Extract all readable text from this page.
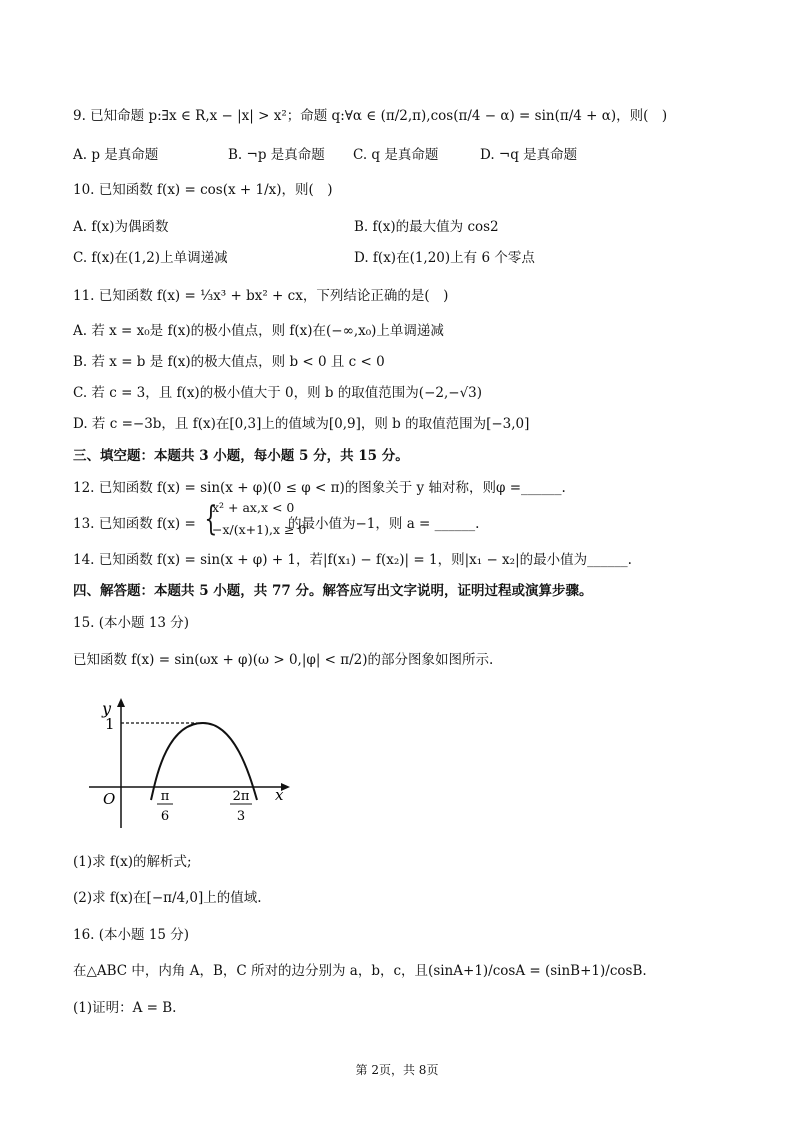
9. 已知命题 p:∃x ∈ R,x − |x| > x²；命题 q:∀α ∈ (π/2,π),cos(π/4 − α) = sin(π/4 + α)，则(　)
A. p 是真命题	B. ¬p 是真命题 C. q 是真命题	D. ¬q 是真命题
10. 已知函数 f(x) = cos(x + 1/x)，则(　)
A. f(x)为偶函数	B. f(x)的最大值为 cos2
C. f(x)在(1,2)上单调递减	D. f(x)在(1,20)上有 6 个零点
11. 已知函数 f(x) = ⅓x³ + bx² + cx，下列结论正确的是(　)
A. 若 x = x₀是 f(x)的极小值点，则 f(x)在(−∞,x₀)上单调递减
B. 若 x = b 是 f(x)的极大值点，则 b < 0 且 c < 0
C. 若 c = 3，且 f(x)的极小值大于 0，则 b 的取值范围为(−2,−√3)
D. 若 c =−3b，且 f(x)在[0,3]上的值域为[0,9]，则 b 的取值范围为[−3,0]
三、填空题：本题共 3 小题，每小题 5 分，共 15 分。
12. 已知函数 f(x) = sin(x + φ)(0 ≤ φ < π)的图象关于 y 轴对称，则φ =______.
13. 已知函数 f(x) = {
x² + ax,x < 0
−x/(x+1),x ≥ 0
的最小值为−1，则 a = ______.
14. 已知函数 f(x) = sin(x + φ) + 1，若|f(x₁) − f(x₂)| = 1，则|x₁ − x₂|的最小值为______.
四、解答题：本题共 5 小题，共 77 分。解答应写出文字说明，证明过程或演算步骤。
15. (本小题 13 分)
已知函数 f(x) = sin(ωx + φ)(ω > 0,|φ| < π/2)的部分图象如图所示.
y
1
O	x
π
6
2π
3
(1)求 f(x)的解析式;
(2)求 f(x)在[−π/4,0]上的值域.
16. (本小题 15 分)
在△ABC 中，内角 A，B，C 所对的边分别为 a，b，c，且(sinA+1)/cosA = (sinB+1)/cosB.
(1)证明：A = B.
第 2页，共 8页
